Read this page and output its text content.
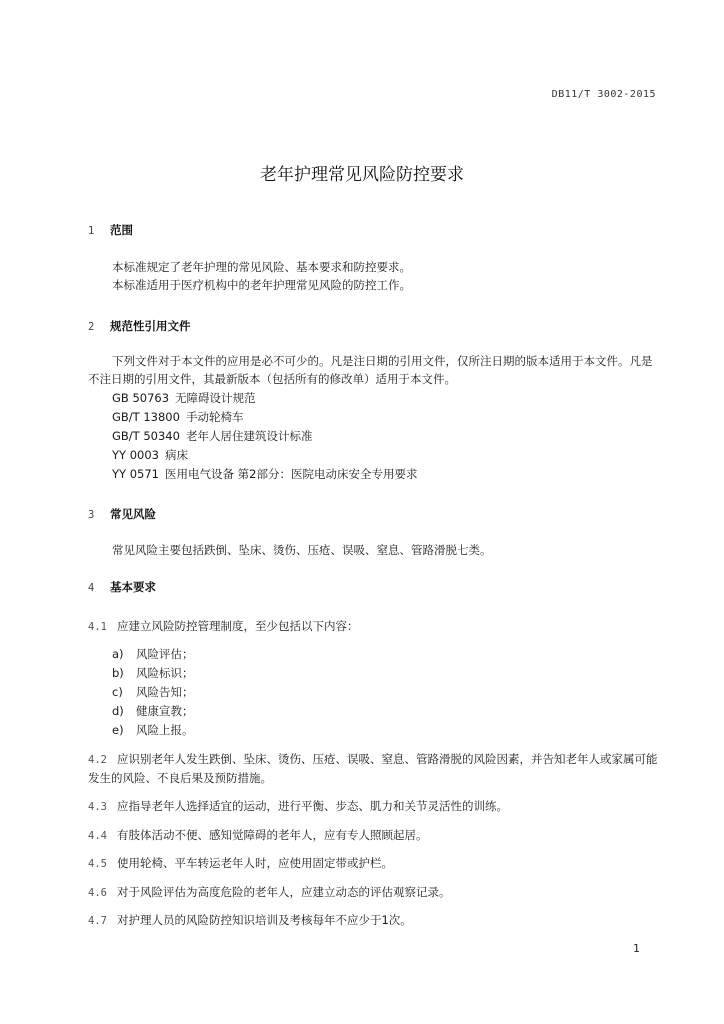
DB11/T 3002-2015
老年护理常见风险防控要求
1 范围
本标准规定了老年护理的常见风险、基本要求和防控要求。
本标准适用于医疗机构中的老年护理常见风险的防控工作。
2 规范性引用文件
下列文件对于本文件的应用是必不可少的。凡是注日期的引用文件，仅所注日期的版本适用于本文件。凡是不注日期的引用文件，其最新版本（包括所有的修改单）适用于本文件。
GB 50763 无障碍设计规范
GB/T 13800 手动轮椅车
GB/T 50340 老年人居住建筑设计标准
YY 0003 病床
YY 0571 医用电气设备 第2部分：医院电动床安全专用要求
3 常见风险
常见风险主要包括跌倒、坠床、烫伤、压疮、误吸、窒息、管路滑脱七类。
4 基本要求
4.1 应建立风险防控管理制度，至少包括以下内容：
a) 风险评估；
b) 风险标识；
c) 风险告知；
d) 健康宣教；
e) 风险上报。
4.2 应识别老年人发生跌倒、坠床、烫伤、压疮、误吸、窒息、管路滑脱的风险因素，并告知老年人或家属可能发生的风险、不良后果及预防措施。
4.3 应指导老年人选择适宜的运动，进行平衡、步态、肌力和关节灵活性的训练。
4.4 有肢体活动不便、感知觉障碍的老年人，应有专人照顾起居。
4.5 使用轮椅、平车转运老年人时，应使用固定带或护栏。
4.6 对于风险评估为高度危险的老年人，应建立动态的评估观察记录。
4.7 对护理人员的风险防控知识培训及考核每年不应少于1次。
1
